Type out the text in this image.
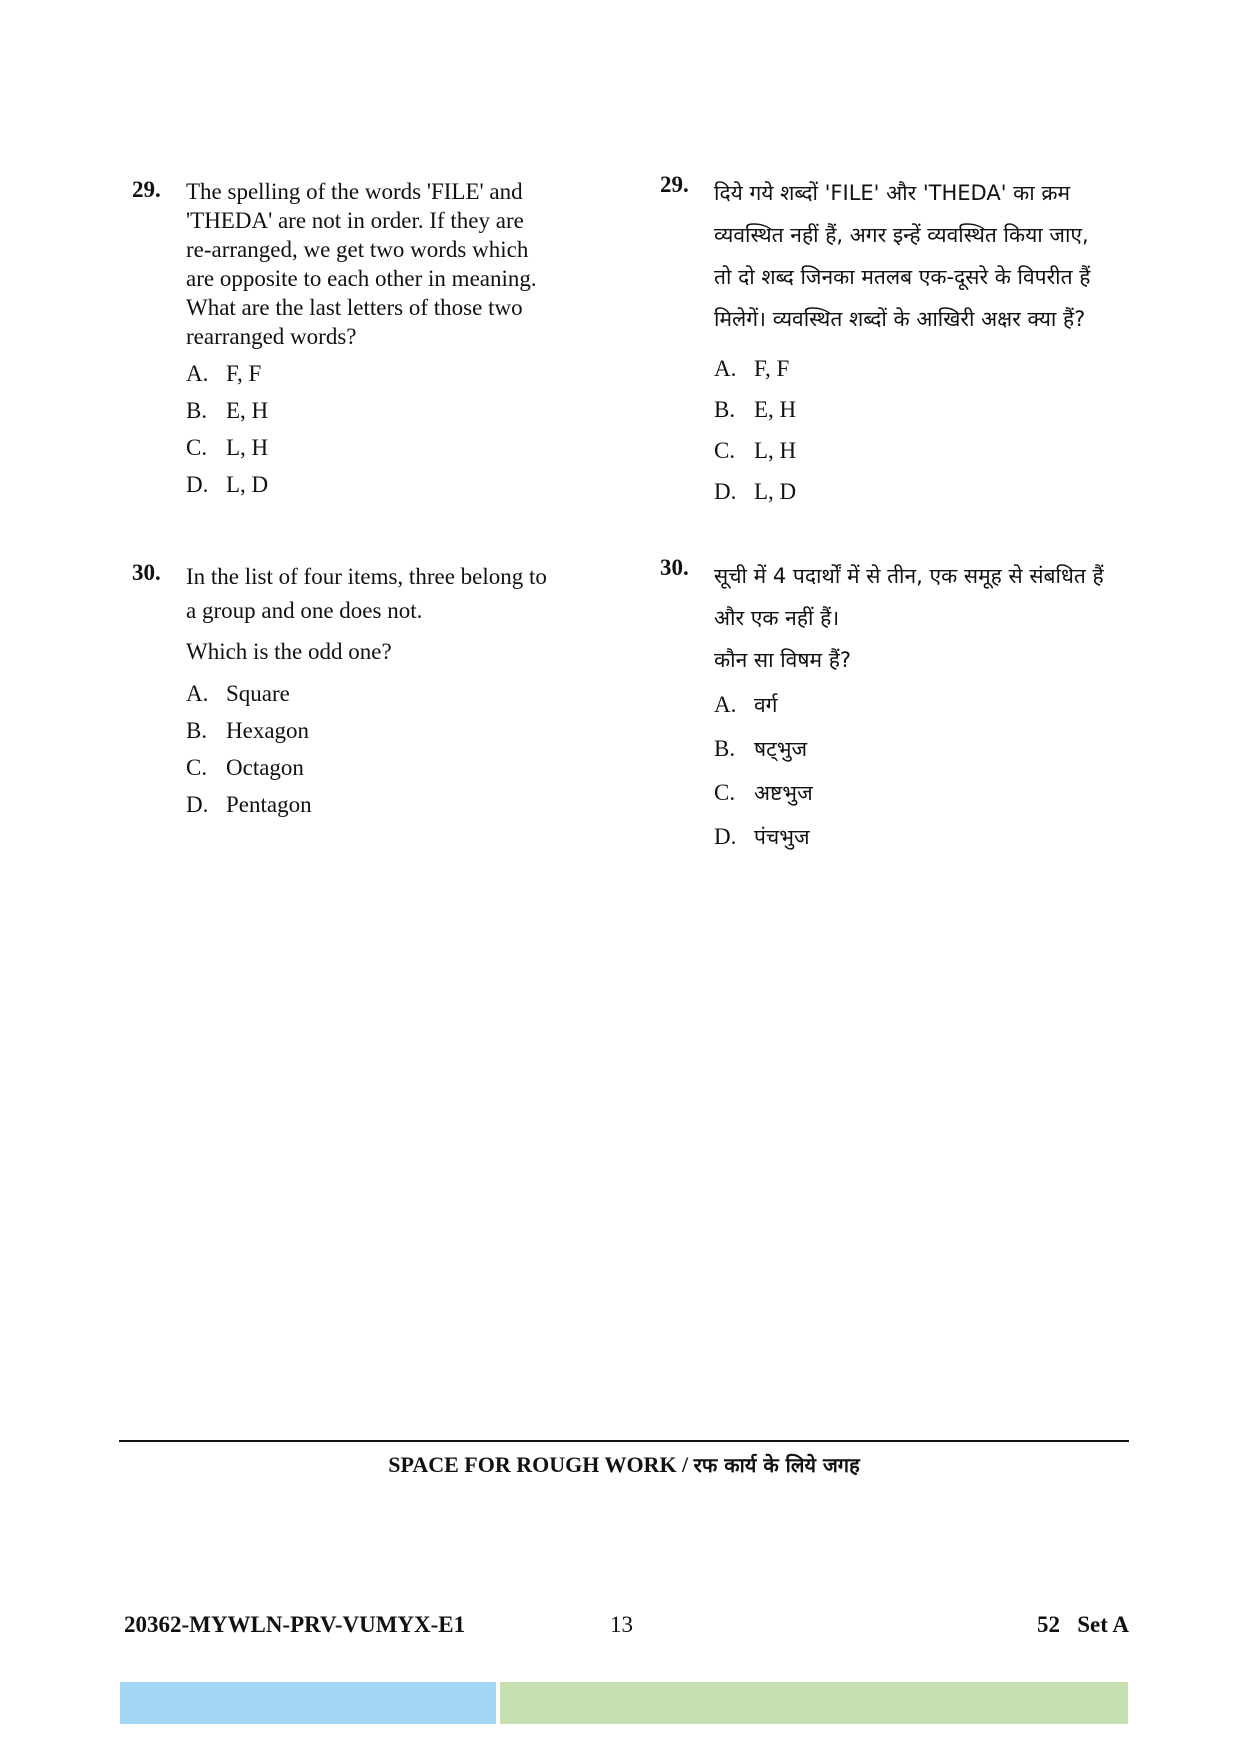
29. The spelling of the words 'FILE' and
'THEDA' are not in order. If they are
re-arranged, we get two words which
are opposite to each other in meaning.
What are the last letters of those two
rearranged words?
A. F, F
B. E, H
C. L, H
D. L, D
30. In the list of four items, three belong to
a group and one does not.
Which is the odd one?
A. Square
B. Hexagon
C. Octagon
D. Pentagon
29. दिये गये शब्दों 'FILE' और 'THEDA' का क्रम
व्यवस्थित नहीं हैं, अगर इन्हें व्यवस्थित किया जाए,
तो दो शब्द जिनका मतलब एक-दूसरे के विपरीत हैं
मिलेगें। व्यवस्थित शब्दों के आखिरी अक्षर क्या हैं?
A. F, F
B. E, H
C. L, H
D. L, D
30. सूची में 4 पदार्थों में से तीन, एक समूह से संबधित हैं
और एक नहीं हैं।
कौन सा विषम हैं?
A. वर्ग
B. षट्भुज
C. अष्टभुज
D. पंचभुज
SPACE FOR ROUGH WORK / रफ कार्य के लिये जगह
20362-MYWLN-PRV-VUMYX-E1	13	52   Set A
